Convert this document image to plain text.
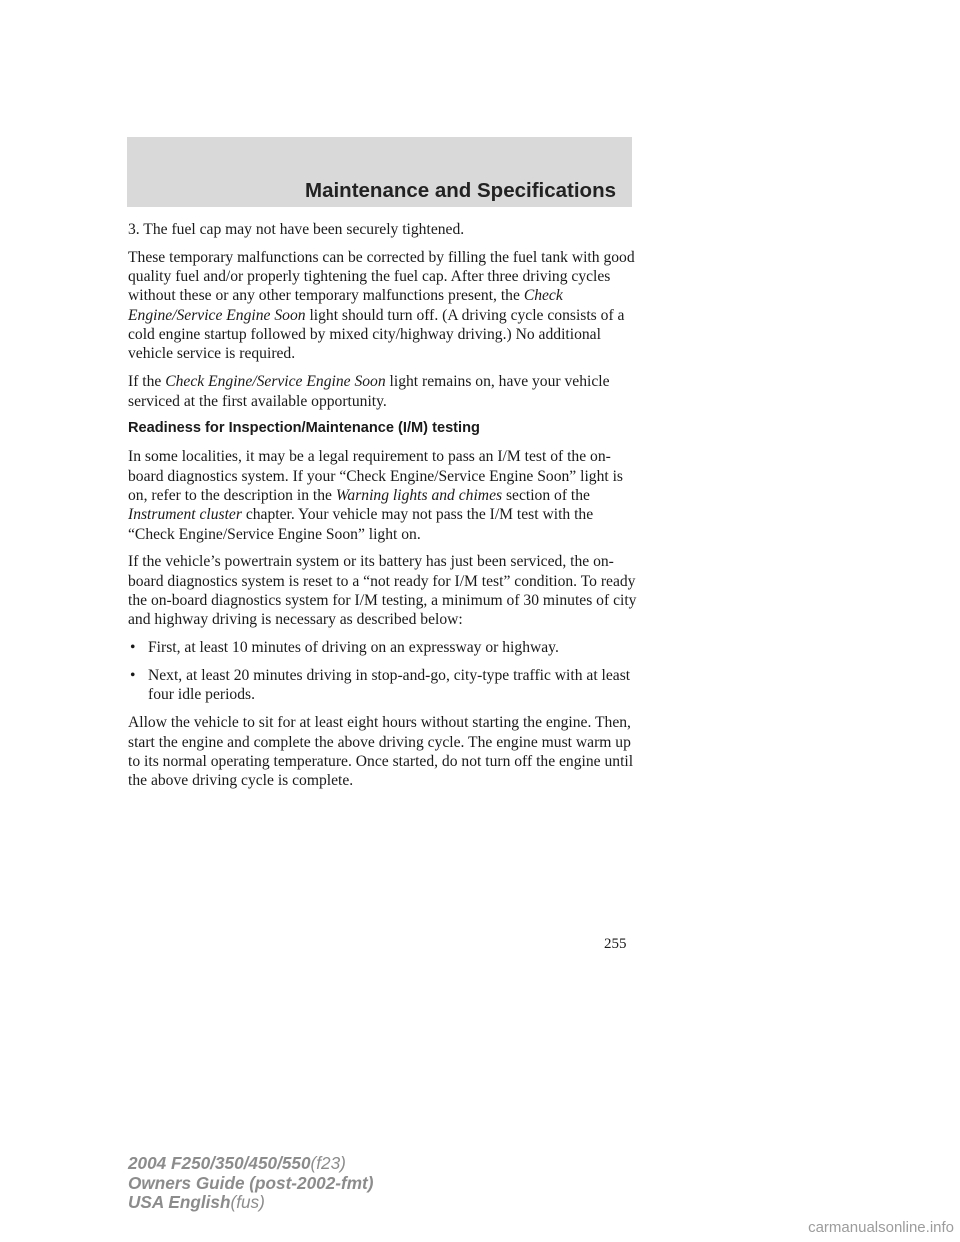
Maintenance and Specifications

3. The fuel cap may not have been securely tightened.

These temporary malfunctions can be corrected by filling the fuel tank with good quality fuel and/or properly tightening the fuel cap. After three driving cycles without these or any other temporary malfunctions present, the Check Engine/Service Engine Soon light should turn off. (A driving cycle consists of a cold engine startup followed by mixed city/highway driving.) No additional vehicle service is required.

If the Check Engine/Service Engine Soon light remains on, have your vehicle serviced at the first available opportunity.

Readiness for Inspection/Maintenance (I/M) testing

In some localities, it may be a legal requirement to pass an I/M test of the on-board diagnostics system. If your “Check Engine/Service Engine Soon” light is on, refer to the description in the Warning lights and chimes section of the Instrument cluster chapter. Your vehicle may not pass the I/M test with the “Check Engine/Service Engine Soon” light on.

If the vehicle’s powertrain system or its battery has just been serviced, the on-board diagnostics system is reset to a “not ready for I/M test” condition. To ready the on-board diagnostics system for I/M testing, a minimum of 30 minutes of city and highway driving is necessary as described below:

• First, at least 10 minutes of driving on an expressway or highway.
• Next, at least 20 minutes driving in stop-and-go, city-type traffic with at least four idle periods.

Allow the vehicle to sit for at least eight hours without starting the engine. Then, start the engine and complete the above driving cycle. The engine must warm up to its normal operating temperature. Once started, do not turn off the engine until the above driving cycle is complete.

255
2004 F250/350/450/550(f23)
Owners Guide (post-2002-fmt)
USA English(fus)
carmanualsonline.info
